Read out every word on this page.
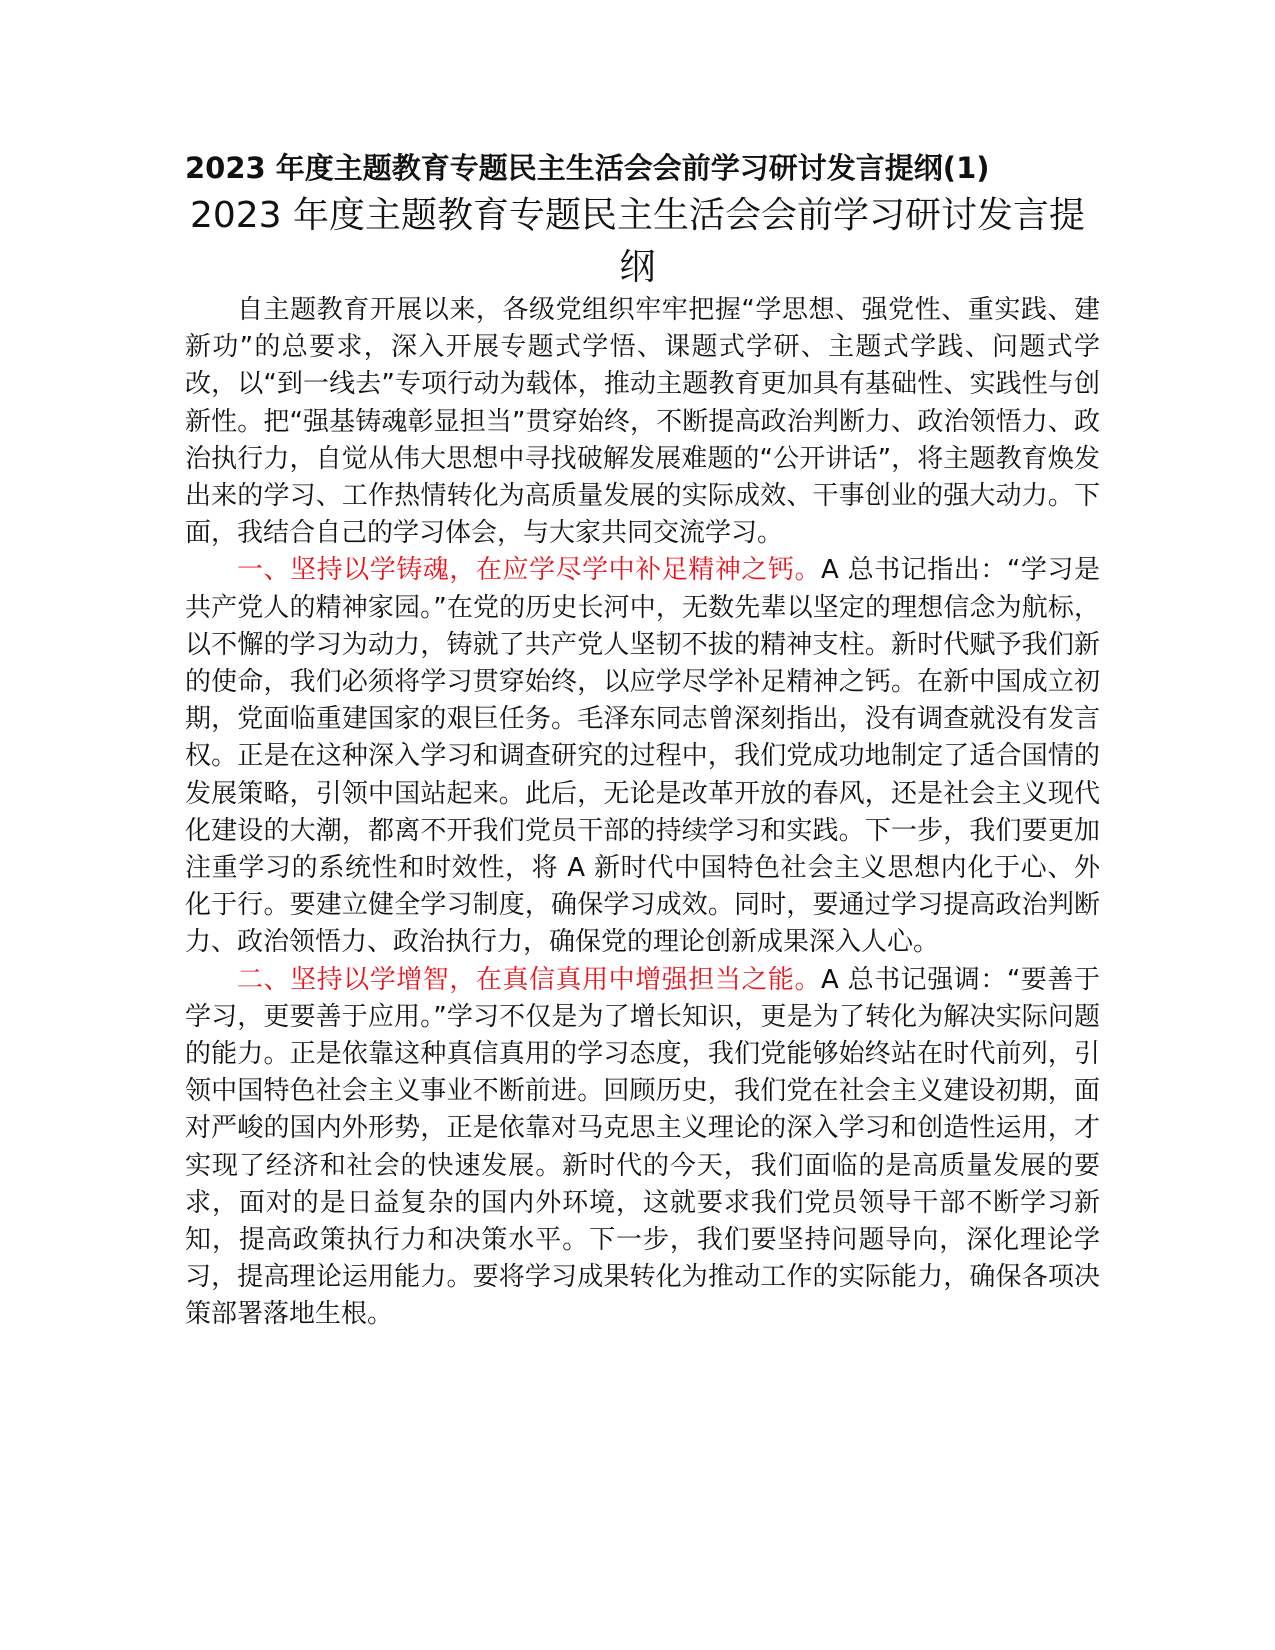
2023 年度主题教育专题民主生活会会前学习研讨发言提纲(1)
2023 年度主题教育专题民主生活会会前学习研讨发言提纲

自主题教育开展以来，各级党组织牢牢把握“学思想、强党性、重实践、建新功”的总要求，深入开展专题式学悟、课题式学研、主题式学践、问题式学改，以“到一线去”专项行动为载体，推动主题教育更加具有基础性、实践性与创新性。把“强基铸魂彰显担当”贯穿始终，不断提高政治判断力、政治领悟力、政治执行力，自觉从伟大思想中寻找破解发展难题的“公开讲话”，将主题教育焕发出来的学习、工作热情转化为高质量发展的实际成效、干事创业的强大动力。下面，我结合自己的学习体会，与大家共同交流学习。

一、坚持以学铸魂，在应学尽学中补足精神之钙。A 总书记指出：“学习是共产党人的精神家园。”在党的历史长河中，无数先辈以坚定的理想信念为航标，以不懈的学习为动力，铸就了共产党人坚韧不拔的精神支柱。新时代赋予我们新的使命，我们必须将学习贯穿始终，以应学尽学补足精神之钙。在新中国成立初期，党面临重建国家的艰巨任务。毛泽东同志曾深刻指出，没有调查就没有发言权。正是在这种深入学习和调查研究的过程中，我们党成功地制定了适合国情的发展策略，引领中国站起来。此后，无论是改革开放的春风，还是社会主义现代化建设的大潮，都离不开我们党员干部的持续学习和实践。下一步，我们要更加注重学习的系统性和时效性，将 A 新时代中国特色社会主义思想内化于心、外化于行。要建立健全学习制度，确保学习成效。同时，要通过学习提高政治判断力、政治领悟力、政治执行力，确保党的理论创新成果深入人心。

二、坚持以学增智，在真信真用中增强担当之能。A 总书记强调：“要善于学习，更要善于应用。”学习不仅是为了增长知识，更是为了转化为解决实际问题的能力。正是依靠这种真信真用的学习态度，我们党能够始终站在时代前列，引领中国特色社会主义事业不断前进。回顾历史，我们党在社会主义建设初期，面对严峻的国内外形势，正是依靠对马克思主义理论的深入学习和创造性运用，才实现了经济和社会的快速发展。新时代的今天，我们面临的是高质量发展的要求，面对的是日益复杂的国内外环境，这就要求我们党员领导干部不断学习新知，提高政策执行力和决策水平。下一步，我们要坚持问题导向，深化理论学习，提高理论运用能力。要将学习成果转化为推动工作的实际能力，确保各项决策部署落地生根。
